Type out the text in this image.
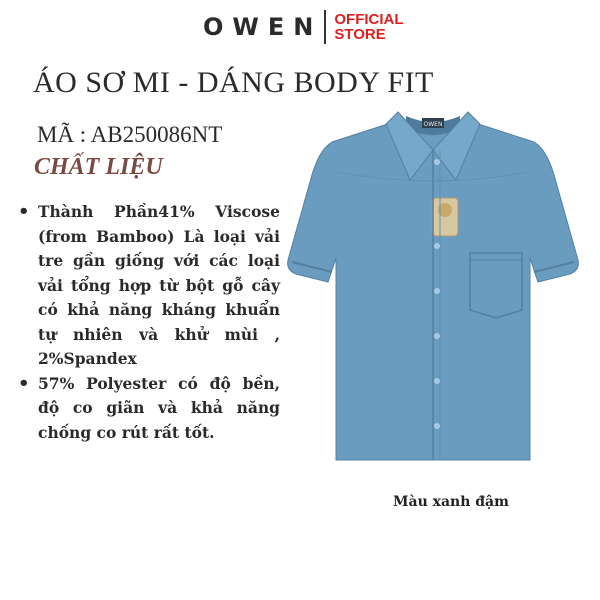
OWEN OFFICIAL
STORE
ÁO SƠ MI - DÁNG BODY FIT
MÃ : AB250086NT
CHẤT LIỆU
• Thành Phần41% Viscose (from Bamboo) Là loại vải tre gần giống với các loại vải tổng hợp từ bột gỗ cây có khả năng kháng khuẩn tự nhiên và khử mùi , 2%Spandex
• 57% Polyester có độ bền, độ co giãn và khả năng chống co rút rất tốt.
OWEN
Màu xanh đậm
